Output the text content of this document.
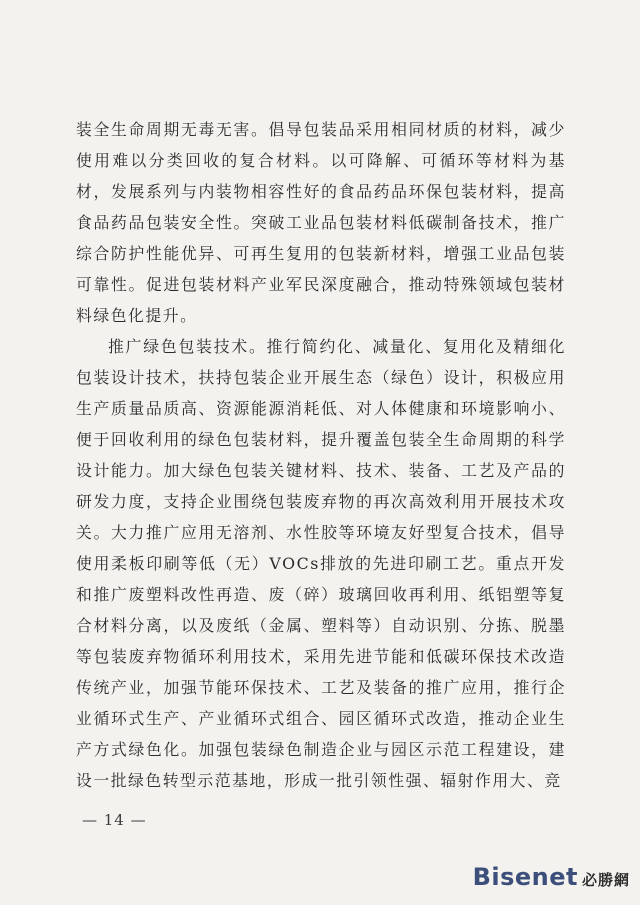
装全生命周期无毒无害。倡导包装品采用相同材质的材料，减少使用难以分类回收的复合材料。以可降解、可循环等材料为基材，发展系列与内装物相容性好的食品药品环保包装材料，提高食品药品包装安全性。突破工业品包装材料低碳制备技术，推广综合防护性能优异、可再生复用的包装新材料，增强工业品包装可靠性。促进包装材料产业军民深度融合，推动特殊领域包装材料绿色化提升。

推广绿色包装技术。推行简约化、减量化、复用化及精细化包装设计技术，扶持包装企业开展生态（绿色）设计，积极应用生产质量品质高、资源能源消耗低、对人体健康和环境影响小、便于回收利用的绿色包装材料，提升覆盖包装全生命周期的科学设计能力。加大绿色包装关键材料、技术、装备、工艺及产品的研发力度，支持企业围绕包装废弃物的再次高效利用开展技术攻关。大力推广应用无溶剂、水性胶等环境友好型复合技术，倡导使用柔板印刷等低（无）VOCs排放的先进印刷工艺。重点开发和推广废塑料改性再造、废（碎）玻璃回收再利用、纸铝塑等复合材料分离，以及废纸（金属、塑料等）自动识别、分拣、脱墨等包装废弃物循环利用技术，采用先进节能和低碳环保技术改造传统产业，加强节能环保技术、工艺及装备的推广应用，推行企业循环式生产、产业循环式组合、园区循环式改造，推动企业生产方式绿色化。加强包装绿色制造企业与园区示范工程建设，建设一批绿色转型示范基地，形成一批引领性强、辐射作用大、竞

— 14 —
Bisenet 必勝網
